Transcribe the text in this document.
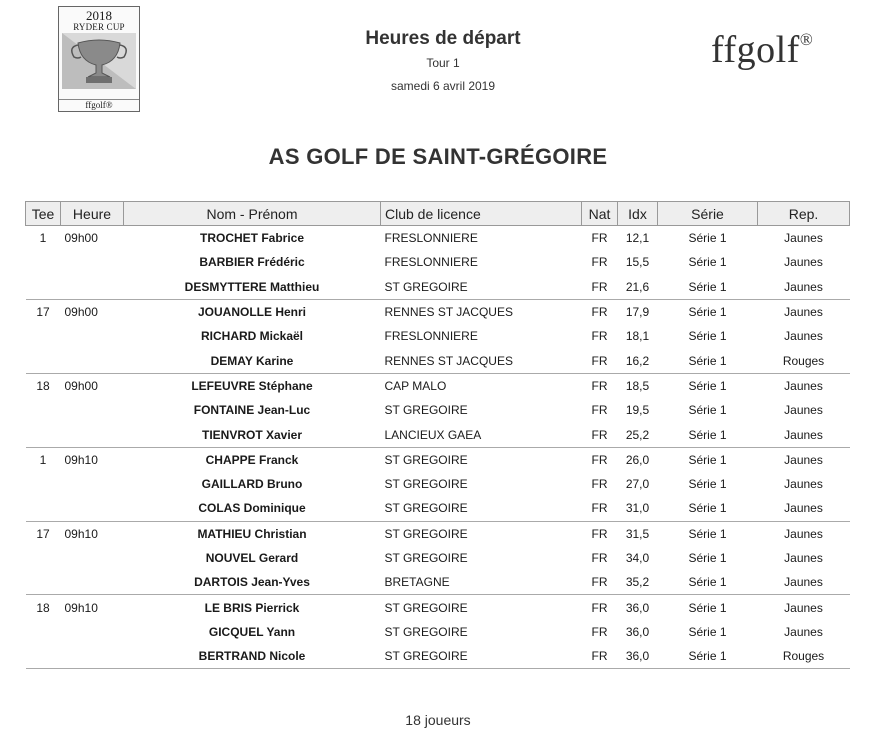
2018
RYDER CUP
ffgolf®
Heures de départ
Tour 1
samedi 6 avril 2019
ffgolf®
AS GOLF DE SAINT-GRÉGOIRE
Tee	Heure	Nom - Prénom	Club de licence	Nat	Idx	Série	Rep.
1	09h00	TROCHET Fabrice	FRESLONNIERE	FR	12,1	Série 1	Jaunes
		BARBIER Frédéric	FRESLONNIERE	FR	15,5	Série 1	Jaunes
		DESMYTTERE Matthieu	ST GREGOIRE	FR	21,6	Série 1	Jaunes
17	09h00	JOUANOLLE Henri	RENNES ST JACQUES	FR	17,9	Série 1	Jaunes
		RICHARD Mickaël	FRESLONNIERE	FR	18,1	Série 1	Jaunes
		DEMAY Karine	RENNES ST JACQUES	FR	16,2	Série 1	Rouges
18	09h00	LEFEUVRE Stéphane	CAP MALO	FR	18,5	Série 1	Jaunes
		FONTAINE Jean-Luc	ST GREGOIRE	FR	19,5	Série 1	Jaunes
		TIENVROT Xavier	LANCIEUX GAEA	FR	25,2	Série 1	Jaunes
1	09h10	CHAPPE Franck	ST GREGOIRE	FR	26,0	Série 1	Jaunes
		GAILLARD Bruno	ST GREGOIRE	FR	27,0	Série 1	Jaunes
		COLAS Dominique	ST GREGOIRE	FR	31,0	Série 1	Jaunes
17	09h10	MATHIEU Christian	ST GREGOIRE	FR	31,5	Série 1	Jaunes
		NOUVEL Gerard	ST GREGOIRE	FR	34,0	Série 1	Jaunes
		DARTOIS Jean-Yves	BRETAGNE	FR	35,2	Série 1	Jaunes
18	09h10	LE BRIS Pierrick	ST GREGOIRE	FR	36,0	Série 1	Jaunes
		GICQUEL Yann	ST GREGOIRE	FR	36,0	Série 1	Jaunes
		BERTRAND Nicole	ST GREGOIRE	FR	36,0	Série 1	Rouges
18 joueurs
